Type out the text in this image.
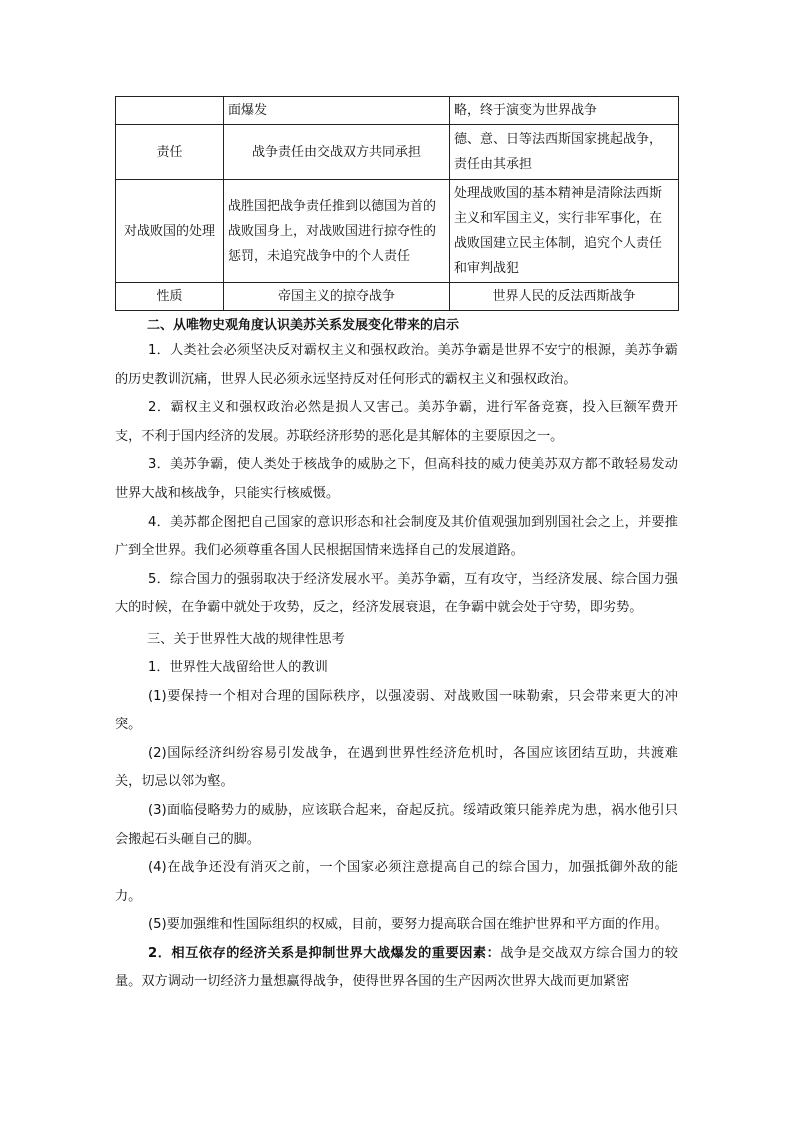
	面爆发	略，终于演变为世界战争
责任	战争责任由交战双方共同承担	德、意、日等法西斯国家挑起战争，责任由其承担
对战败国的处理	战胜国把战争责任推到以德国为首的战败国身上，对战败国进行掠夺性的惩罚，未追究战争中的个人责任	处理战败国的基本精神是清除法西斯主义和军国主义，实行非军事化，在战败国建立民主体制，追究个人责任和审判战犯
性质	帝国主义的掠夺战争	世界人民的反法西斯战争
二、从唯物史观角度认识美苏关系发展变化带来的启示

1．人类社会必须坚决反对霸权主义和强权政治。美苏争霸是世界不安宁的根源，美苏争霸的历史教训沉痛，世界人民必须永远坚持反对任何形式的霸权主义和强权政治。

2．霸权主义和强权政治必然是损人又害己。美苏争霸，进行军备竞赛，投入巨额军费开支，不利于国内经济的发展。苏联经济形势的恶化是其解体的主要原因之一。

3．美苏争霸，使人类处于核战争的威胁之下，但高科技的威力使美苏双方都不敢轻易发动世界大战和核战争，只能实行核威慑。

4．美苏都企图把自己国家的意识形态和社会制度及其价值观强加到别国社会之上，并要推广到全世界。我们必须尊重各国人民根据国情来选择自己的发展道路。

5．综合国力的强弱取决于经济发展水平。美苏争霸，互有攻守，当经济发展、综合国力强大的时候，在争霸中就处于攻势，反之，经济发展衰退，在争霸中就会处于守势，即劣势。

三、关于世界性大战的规律性思考

1．世界性大战留给世人的教训

(1)要保持一个相对合理的国际秩序，以强凌弱、对战败国一味勒索，只会带来更大的冲突。

(2)国际经济纠纷容易引发战争，在遇到世界性经济危机时，各国应该团结互助，共渡难关，切忌以邻为壑。

(3)面临侵略势力的威胁，应该联合起来，奋起反抗。绥靖政策只能养虎为患，祸水他引只会搬起石头砸自己的脚。

(4)在战争还没有消灭之前，一个国家必须注意提高自己的综合国力，加强抵御外敌的能力。

(5)要加强维和性国际组织的权威，目前，要努力提高联合国在维护世界和平方面的作用。

2．相互依存的经济关系是抑制世界大战爆发的重要因素：战争是交战双方综合国力的较量。双方调动一切经济力量想赢得战争，使得世界各国的生产因两次世界大战而更加紧密
